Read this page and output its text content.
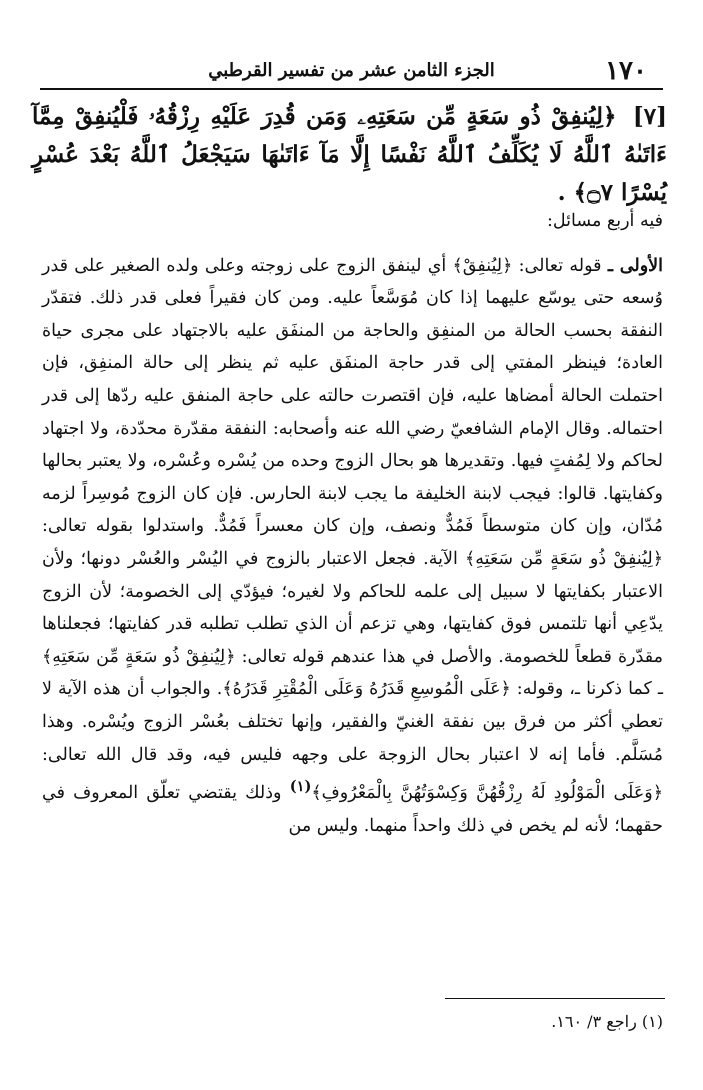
١٧٠
الجزء الثامن عشر من تفسير القرطبي
[٧] ﴿لِيُنفِقْ ذُو سَعَةٍ مِّن سَعَتِهِۦ وَمَن قُدِرَ عَلَيْهِ رِزْقُهُۥ فَلْيُنفِقْ مِمَّآ ءَاتَىٰهُ ٱللَّهُ لَا يُكَلِّفُ ٱللَّهُ نَفْسًا إِلَّا مَآ ءَاتَىٰهَا سَيَجْعَلُ ٱللَّهُ بَعْدَ عُسْرٍ يُسْرًا ۝٧﴾ .

فيه أربع مسائل:

الأولى ـ قوله تعالى: ﴿لِيُنفِقْ﴾ أي لينفق الزوج على زوجته وعلى ولده الصغير على قدر وُسعه حتى يوسّع عليهما إذا كان مُوَسَّعاً عليه. ومن كان فقيراً فعلى قدر ذلك. فتقدّر النفقة بحسب الحالة من المنفِق والحاجة من المنفَق عليه بالاجتهاد على مجرى حياة العادة؛ فينظر المفتي إلى قدر حاجة المنفَق عليه ثم ينظر إلى حالة المنفِق، فإن احتملت الحالة أمضاها عليه، فإن اقتصرت حالته على حاجة المنفق عليه ردّها إلى قدر احتماله. وقال الإمام الشافعيّ رضي الله عنه وأصحابه: النفقة مقدّرة محدّدة، ولا اجتهاد لحاكم ولا لِمُفتٍ فيها. وتقديرها هو بحال الزوج وحده من يُسْره وعُسْره، ولا يعتبر بحالها وكفايتها. قالوا: فيجب لابنة الخليفة ما يجب لابنة الحارس. فإن كان الزوج مُوسِراً لزمه مُدّان، وإن كان متوسطاً فَمُدٌّ ونصف، وإن كان معسراً فَمُدٌّ. واستدلوا بقوله تعالى: ﴿لِيُنفِقْ ذُو سَعَةٍ مِّن سَعَتِهِ﴾ الآية. فجعل الاعتبار بالزوج في اليُسْر والعُسْر دونها؛ ولأن الاعتبار بكفايتها لا سبيل إلى علمه للحاكم ولا لغيره؛ فيؤدّي إلى الخصومة؛ لأن الزوج يدّعِي أنها تلتمس فوق كفايتها، وهي تزعم أن الذي تطلب تطلبه قدر كفايتها؛ فجعلناها مقدّرة قطعاً للخصومة. والأصل في هذا عندهم قوله تعالى: ﴿لِيُنفِقْ ذُو سَعَةٍ مِّن سَعَتِهِ﴾ ـ كما ذكرنا ـ، وقوله: ﴿عَلَى الْمُوسِعِ قَدَرُهُ وَعَلَى الْمُقْتِرِ قَدَرُهُ﴾. والجواب أن هذه الآية لا تعطي أكثر من فرق بين نفقة الغنيّ والفقير، وإنها تختلف بعُسْر الزوج ويُسْره. وهذا مُسَلَّم. فأما إنه لا اعتبار بحال الزوجة على وجهه فليس فيه، وقد قال الله تعالى: ﴿وَعَلَى الْمَوْلُودِ لَهُ رِزْقُهُنَّ وَكِسْوَتُهُنَّ بِالْمَعْرُوفِ﴾$^{(١)}$ وذلك يقتضي تعلّق المعروف في حقهما؛ لأنه لم يخص في ذلك واحداً منهما. وليس من

(١) راجع ٣/ ١٦٠.
